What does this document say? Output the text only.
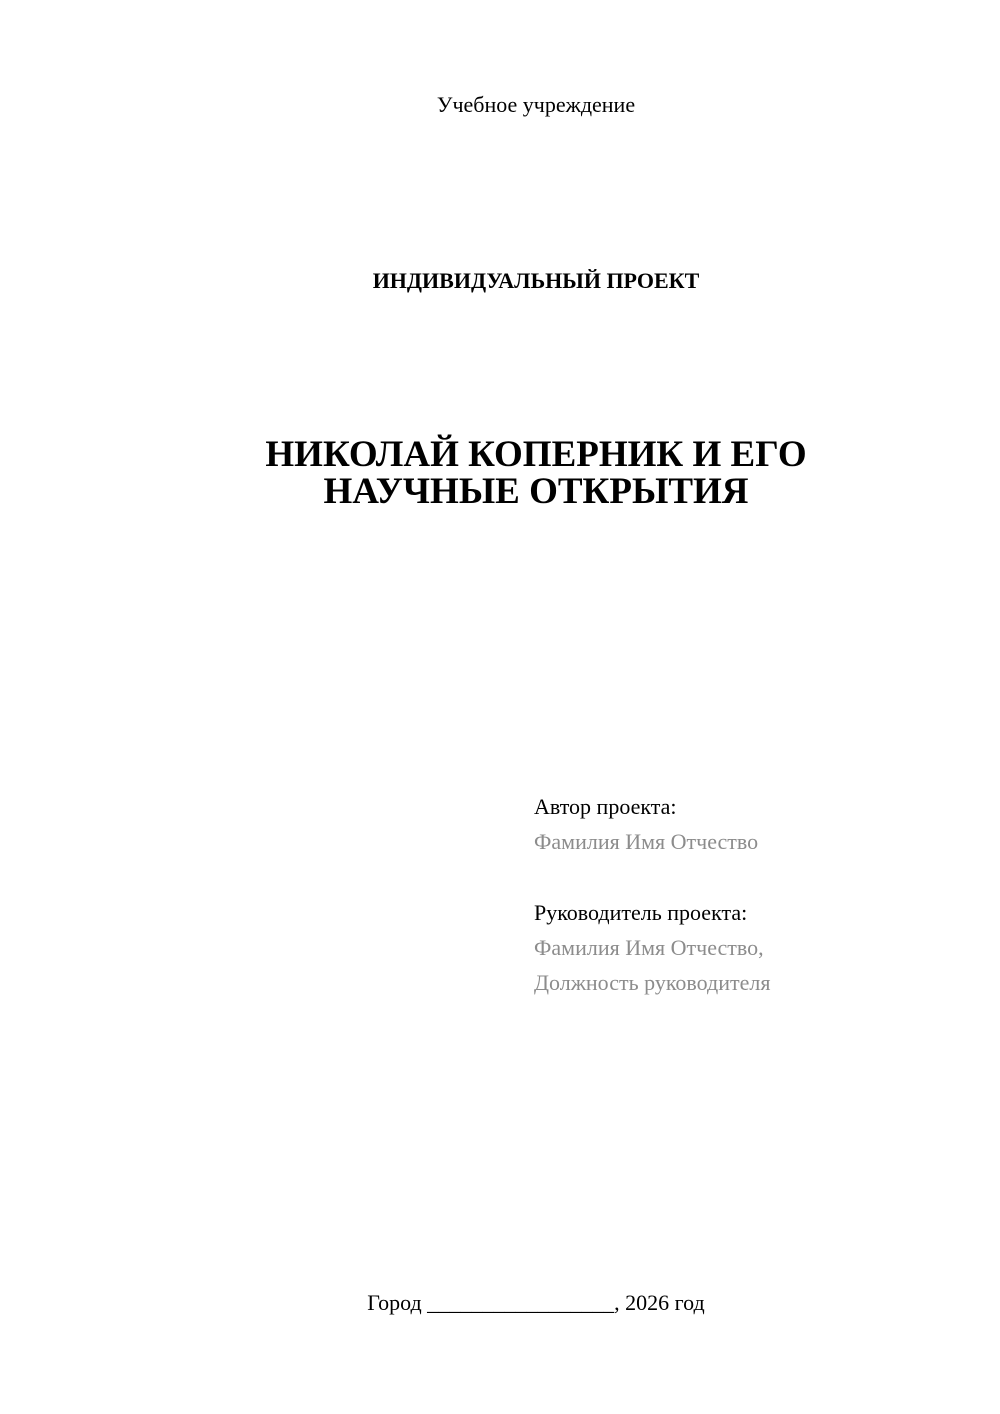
Учебное учреждение
ИНДИВИДУАЛЬНЫЙ ПРОЕКТ
НИКОЛАЙ КОПЕРНИК И ЕГО
НАУЧНЫЕ ОТКРЫТИЯ
Автор проекта:
Фамилия Имя Отчество
Руководитель проекта:
Фамилия Имя Отчество,
Должность руководителя
Город _________________, 2026 год
